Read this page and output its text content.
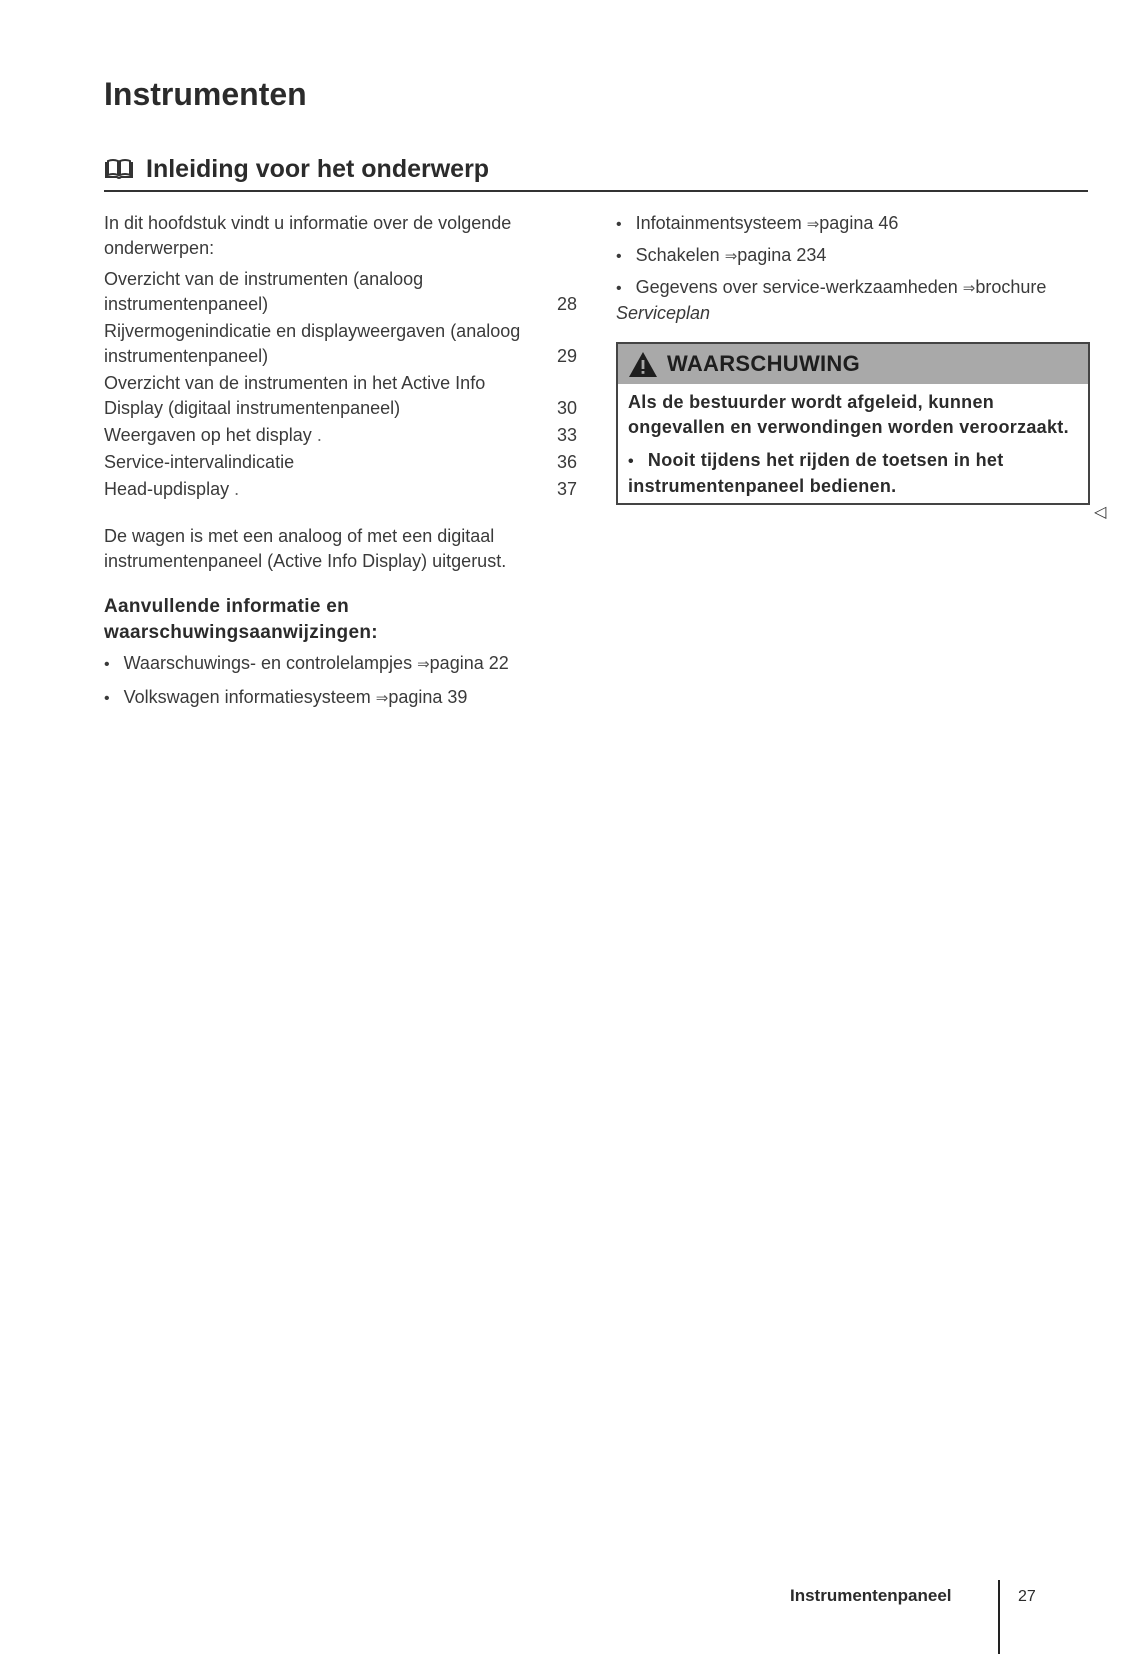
Instrumenten
Inleiding voor het onderwerp

In dit hoofdstuk vindt u informatie over de volgende onderwerpen:

Overzicht van de instrumenten (analoog instrumentenpaneel)	28
Rijvermogenindicatie en displayweergaven (analoog instrumentenpaneel)	29
Overzicht van de instrumenten in het Active Info Display (digitaal instrumentenpaneel)	30
Weergaven op het display .	33
Service-intervalindicatie	36
Head-updisplay .	37

De wagen is met een analoog of met een digitaal instrumentenpaneel (Active Info Display) uitgerust.

Aanvullende informatie en waarschuwingsaanwijzingen:

• Waarschuwings- en controlelampjes ⇒pagina 22

• Volkswagen informatiesysteem ⇒pagina 39

• Infotainmentsysteem ⇒pagina 46

• Schakelen ⇒pagina 234

• Gegevens over service-werkzaamheden ⇒brochure Serviceplan

WAARSCHUWING

Als de bestuurder wordt afgeleid, kunnen ongevallen en verwondingen worden veroorzaakt.

• Nooit tijdens het rijden de toetsen in het instrumentenpaneel bedienen.

◁
Instrumentenpaneel	27
